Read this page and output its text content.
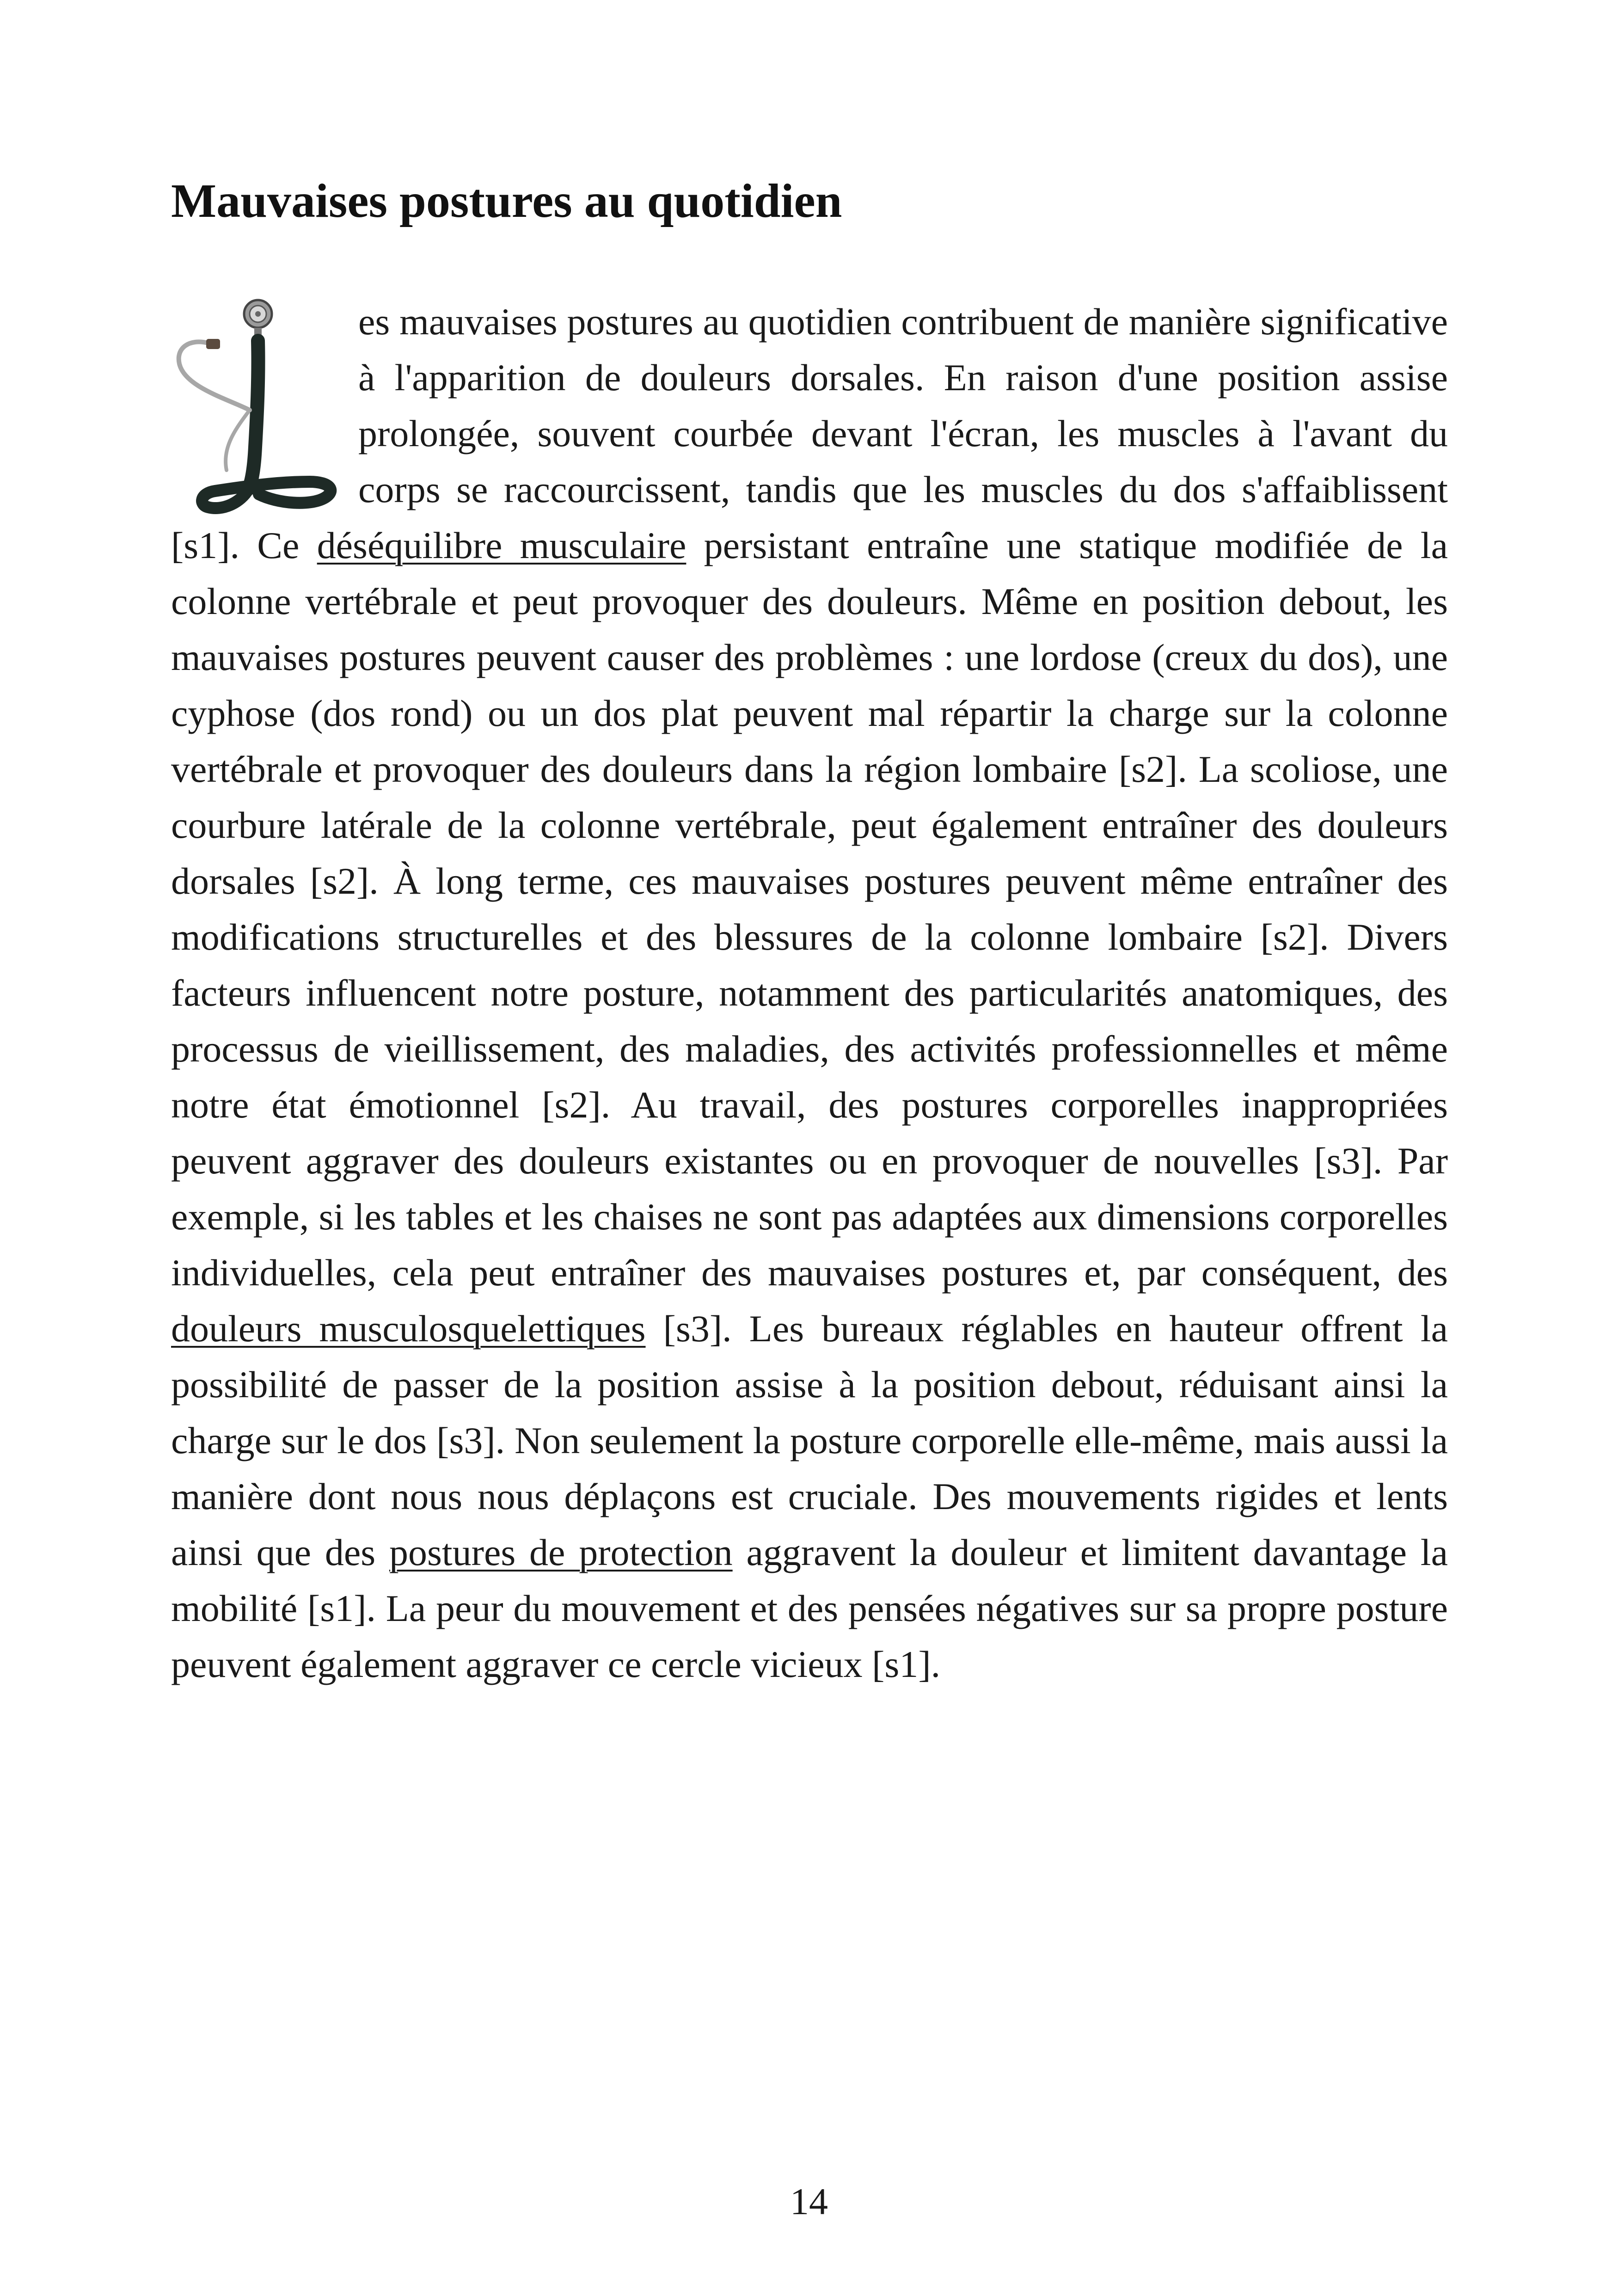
Mauvaises postures au quotidien

es mauvaises postures au quotidien contribuent de manière significative à l'apparition de douleurs dorsales. En raison d'une position assise prolongée, souvent courbée devant l'écran, les muscles à l'avant du corps se raccourcissent, tandis que les muscles du dos s'affaiblissent [s1]. Ce déséquilibre musculaire persistant entraîne une statique modifiée de la colonne vertébrale et peut provoquer des douleurs. Même en position debout, les mauvaises postures peuvent causer des problèmes : une lordose (creux du dos), une cyphose (dos rond) ou un dos plat peuvent mal répartir la charge sur la colonne vertébrale et provoquer des douleurs dans la région lombaire [s2]. La scoliose, une courbure latérale de la colonne vertébrale, peut également entraîner des douleurs dorsales [s2]. À long terme, ces mauvaises postures peuvent même entraîner des modifications structurelles et des blessures de la colonne lombaire [s2]. Divers facteurs influencent notre posture, notamment des particularités anatomiques, des processus de vieillissement, des maladies, des activités professionnelles et même notre état émotionnel [s2]. Au travail, des postures corporelles inappropriées peuvent aggraver des douleurs existantes ou en provoquer de nouvelles [s3]. Par exemple, si les tables et les chaises ne sont pas adaptées aux dimensions corporelles individuelles, cela peut entraîner des mauvaises postures et, par conséquent, des douleurs musculosquelettiques [s3]. Les bureaux réglables en hauteur offrent la possibilité de passer de la position assise à la position debout, réduisant ainsi la charge sur le dos [s3]. Non seulement la posture corporelle elle-même, mais aussi la manière dont nous nous déplaçons est cruciale. Des mouvements rigides et lents ainsi que des postures de protection aggravent la douleur et limitent davantage la mobilité [s1]. La peur du mouvement et des pensées négatives sur sa propre posture peuvent également aggraver ce cercle vicieux [s1].

14
